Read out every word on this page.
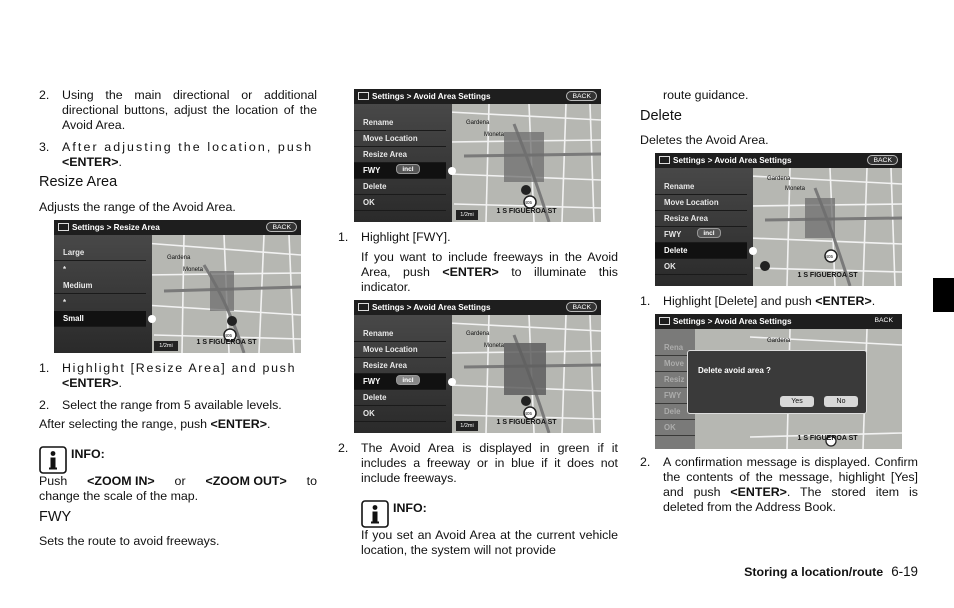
2.	Using the main directional or additional directional buttons, adjust the location of the Avoid Area.
3.	After adjusting the location, push
<ENTER>.
Resize Area
Adjusts the range of the Avoid Area.
Settings > Resize Area	BACK
405
Gardena
Moneta
Large
*
Medium
*
Small
1/2mi	1 S FIGUEROA ST
1.	Highlight [Resize Area] and push
<ENTER>.
2.	Select the range from 5 available levels.
After selecting the range, push <ENTER>.
INFO:
Push <ZOOM IN> or <ZOOM OUT> to
change the scale of the map.
FWY
Sets the route to avoid freeways.
Settings > Avoid Area Settings	BACK
405
Gardena
Moneta
Rename
Move Location
Resize Area
FWY	incl
Delete
OK
1/2mi	1 S FIGUEROA ST
1.	Highlight [FWY].
If you want to include freeways in the Avoid Area, push <ENTER> to illuminate this indicator.
Settings > Avoid Area Settings	BACK
405
Gardena
Moneta
Rename
Move Location
Resize Area
FWY	incl
Delete
OK
1/2mi	1 S FIGUEROA ST
2.	The Avoid Area is displayed in green if it includes a freeway or in blue if it does not include freeways.
INFO:
If you set an Avoid Area at the current vehicle location, the system will not provide
route guidance.
Delete
Deletes the Avoid Area.
Settings > Avoid Area Settings	BACK
405
Gardena
Moneta
Rename
Move Location
Resize Area
FWY	incl
Delete
OK
1 S FIGUEROA ST
1.	Highlight [Delete] and push <ENTER>.
Settings > Avoid Area Settings	BACK
Gardena
Rena
Move
Resiz
FWY
Dele
OK
Delete avoid area ?
Yes	No
1 S FIGUEROA ST
2.	A confirmation message is displayed. Confirm the contents of the message, highlight [Yes] and push <ENTER>. The stored item is deleted from the Address Book.
Storing a location/route 6-19
